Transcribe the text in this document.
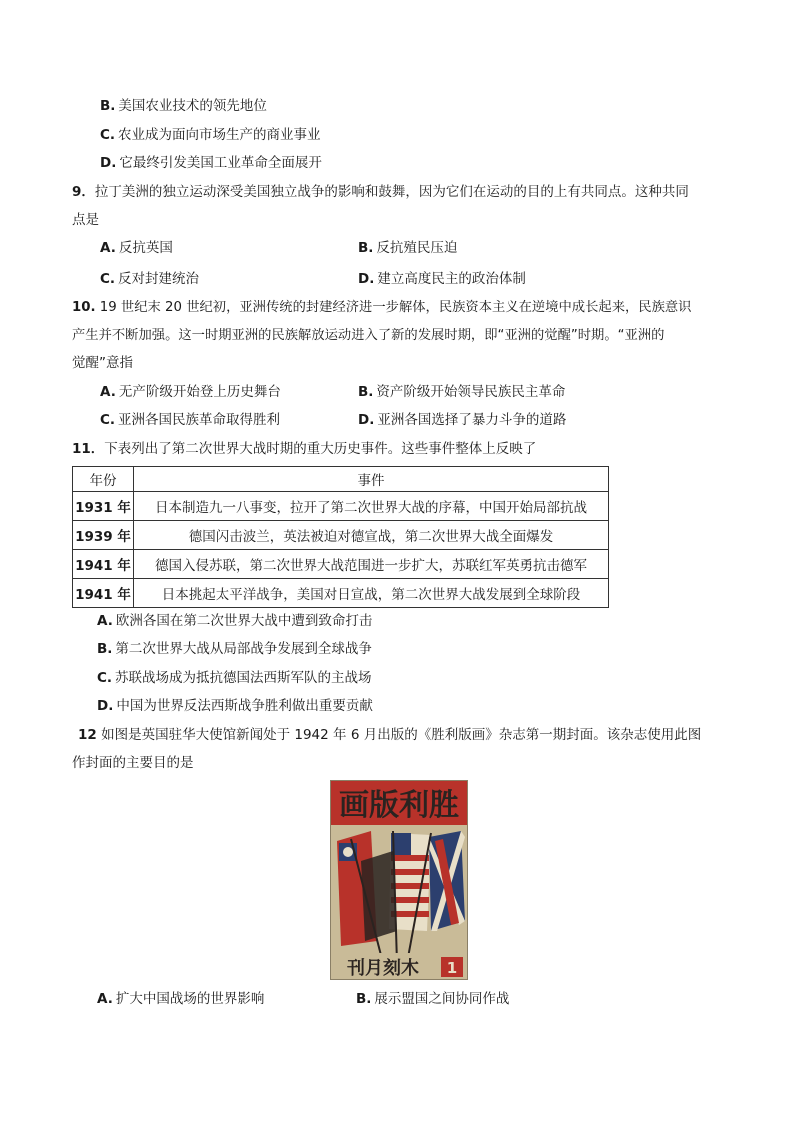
B. 美国农业技术的领先地位
C. 农业成为面向市场生产的商业事业
D. 它最终引发美国工业革命全面展开
9．拉丁美洲的独立运动深受美国独立战争的影响和鼓舞，因为它们在运动的目的上有共同点。这种共同
点是
A. 反抗英国	B. 反抗殖民压迫
C. 反对封建统治	D. 建立高度民主的政治体制
10. 19 世纪末 20 世纪初，亚洲传统的封建经济进一步解体，民族资本主义在逆境中成长起来，民族意识
产生并不断加强。这一时期亚洲的民族解放运动进入了新的发展时期，即“亚洲的觉醒”时期。“亚洲的
觉醒”意指
A. 无产阶级开始登上历史舞台	B. 资产阶级开始领导民族民主革命
C. 亚洲各国民族革命取得胜利	D. 亚洲各国选择了暴力斗争的道路
11．下表列出了第二次世界大战时期的重大历史事件。这些事件整体上反映了
年份	事件
1931 年	日本制造九一八事变，拉开了第二次世界大战的序幕，中国开始局部抗战
1939 年	德国闪击波兰，英法被迫对德宣战，第二次世界大战全面爆发
1941 年	德国入侵苏联，第二次世界大战范围进一步扩大，苏联红军英勇抗击德军
1941 年	日本挑起太平洋战争，美国对日宣战，第二次世界大战发展到全球阶段
A. 欧洲各国在第二次世界大战中遭到致命打击
B. 第二次世界大战从局部战争发展到全球战争
C. 苏联战场成为抵抗德国法西斯军队的主战场
D. 中国为世界反法西斯战争胜利做出重要贡献
12 如图是英国驻华大使馆新闻处于 1942 年 6 月出版的《胜利版画》杂志第一期封面。该杂志使用此图
作封面的主要目的是
画版利胜
刊月刻木 1
A. 扩大中国战场的世界影响	B. 展示盟国之间协同作战
